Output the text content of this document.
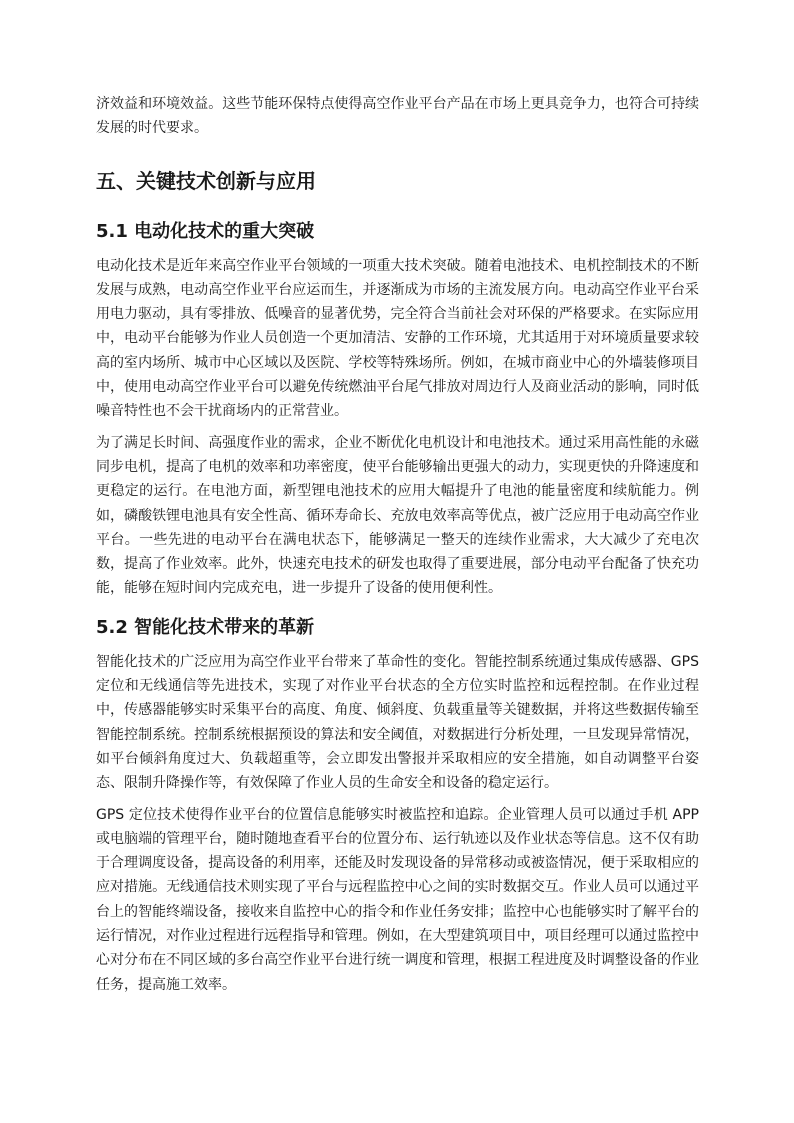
济效益和环境效益。这些节能环保特点使得高空作业平台产品在市场上更具竞争力，也符合可持续发展的时代要求。

五、关键技术创新与应用
5.1 电动化技术的重大突破

电动化技术是近年来高空作业平台领域的一项重大技术突破。随着电池技术、电机控制技术的不断发展与成熟，电动高空作业平台应运而生，并逐渐成为市场的主流发展方向。电动高空作业平台采用电力驱动，具有零排放、低噪音的显著优势，完全符合当前社会对环保的严格要求。在实际应用中，电动平台能够为作业人员创造一个更加清洁、安静的工作环境，尤其适用于对环境质量要求较高的室内场所、城市中心区域以及医院、学校等特殊场所。例如，在城市商业中心的外墙装修项目中，使用电动高空作业平台可以避免传统燃油平台尾气排放对周边行人及商业活动的影响，同时低噪音特性也不会干扰商场内的正常营业。

为了满足长时间、高强度作业的需求，企业不断优化电机设计和电池技术。通过采用高性能的永磁同步电机，提高了电机的效率和功率密度，使平台能够输出更强大的动力，实现更快的升降速度和更稳定的运行。在电池方面，新型锂电池技术的应用大幅提升了电池的能量密度和续航能力。例如，磷酸铁锂电池具有安全性高、循环寿命长、充放电效率高等优点，被广泛应用于电动高空作业平台。一些先进的电动平台在满电状态下，能够满足一整天的连续作业需求，大大减少了充电次数，提高了作业效率。此外，快速充电技术的研发也取得了重要进展，部分电动平台配备了快充功能，能够在短时间内完成充电，进一步提升了设备的使用便利性。

5.2 智能化技术带来的革新

智能化技术的广泛应用为高空作业平台带来了革命性的变化。智能控制系统通过集成传感器、GPS 定位和无线通信等先进技术，实现了对作业平台状态的全方位实时监控和远程控制。在作业过程中，传感器能够实时采集平台的高度、角度、倾斜度、负载重量等关键数据，并将这些数据传输至智能控制系统。控制系统根据预设的算法和安全阈值，对数据进行分析处理，一旦发现异常情况，如平台倾斜角度过大、负载超重等，会立即发出警报并采取相应的安全措施，如自动调整平台姿态、限制升降操作等，有效保障了作业人员的生命安全和设备的稳定运行。

GPS 定位技术使得作业平台的位置信息能够实时被监控和追踪。企业管理人员可以通过手机 APP 或电脑端的管理平台，随时随地查看平台的位置分布、运行轨迹以及作业状态等信息。这不仅有助于合理调度设备，提高设备的利用率，还能及时发现设备的异常移动或被盗情况，便于采取相应的应对措施。无线通信技术则实现了平台与远程监控中心之间的实时数据交互。作业人员可以通过平台上的智能终端设备，接收来自监控中心的指令和作业任务安排；监控中心也能够实时了解平台的运行情况，对作业过程进行远程指导和管理。例如，在大型建筑项目中，项目经理可以通过监控中心对分布在不同区域的多台高空作业平台进行统一调度和管理，根据工程进度及时调整设备的作业任务，提高施工效率。
